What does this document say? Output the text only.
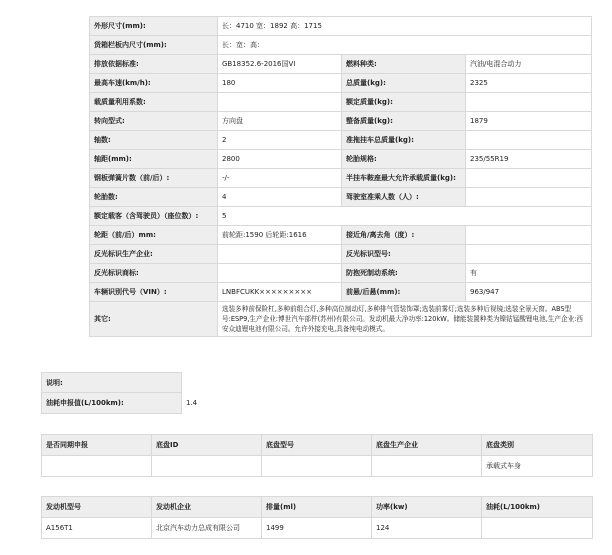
外形尺寸(mm):	长：4710 宽：1892 高：1715		
货箱栏板内尺寸(mm):	长：宽：高：		
排放依据标准:	GB18352.6-2016国VI	燃料种类:	汽油/电混合动力
最高车速(km/h):	180	总质量(kg):	2325
载质量利用系数:		额定质量(kg):	
转向型式:	方向盘	整备质量(kg):	1879
轴数:	2	准拖挂车总质量(kg):	
轴距(mm):	2800	轮胎规格:	235/55R19
钢板弹簧片数（前/后）:	-/-	半挂车鞍座最大允许承载质量(kg):	
轮胎数:	4	驾驶室准乘人数（人）:	
额定载客（含驾驶员）（座位数）:	5		
轮距（前/后）mm:	前轮距:1590 后轮距:1616	接近角/离去角（度）:	
反光标识生产企业:		反光标识型号:	
反光标识商标:		防抱死制动系统:	有
车辆识别代号（VIN）:	LNBFCUKK×××××××××	前悬/后悬(mm):	963/947
其它:	选装多种前保险杠,多种前组合灯,多种高位制动灯,多种排气管装饰罩;选装前雾灯;选装多种后视镜;选装全景天窗。ABS型号:ESP9,生产企业:博世汽车部件(苏州)有限公司。发动机最大净功率:120kW。储能装置种类为镍钴锰酸锂电池,生产企业:西安众迪锂电池有限公司。允许外接充电,具备纯电动模式。		
说明:
油耗申报值(L/100km):	1.4
是否同期申报	底盘ID	底盘型号	底盘生产企业	底盘类别
				承载式车身
发动机型号	发动机企业	排量(ml)	功率(kw)	油耗(L/100km)
A156T1	北京汽车动力总成有限公司	1499	124	
